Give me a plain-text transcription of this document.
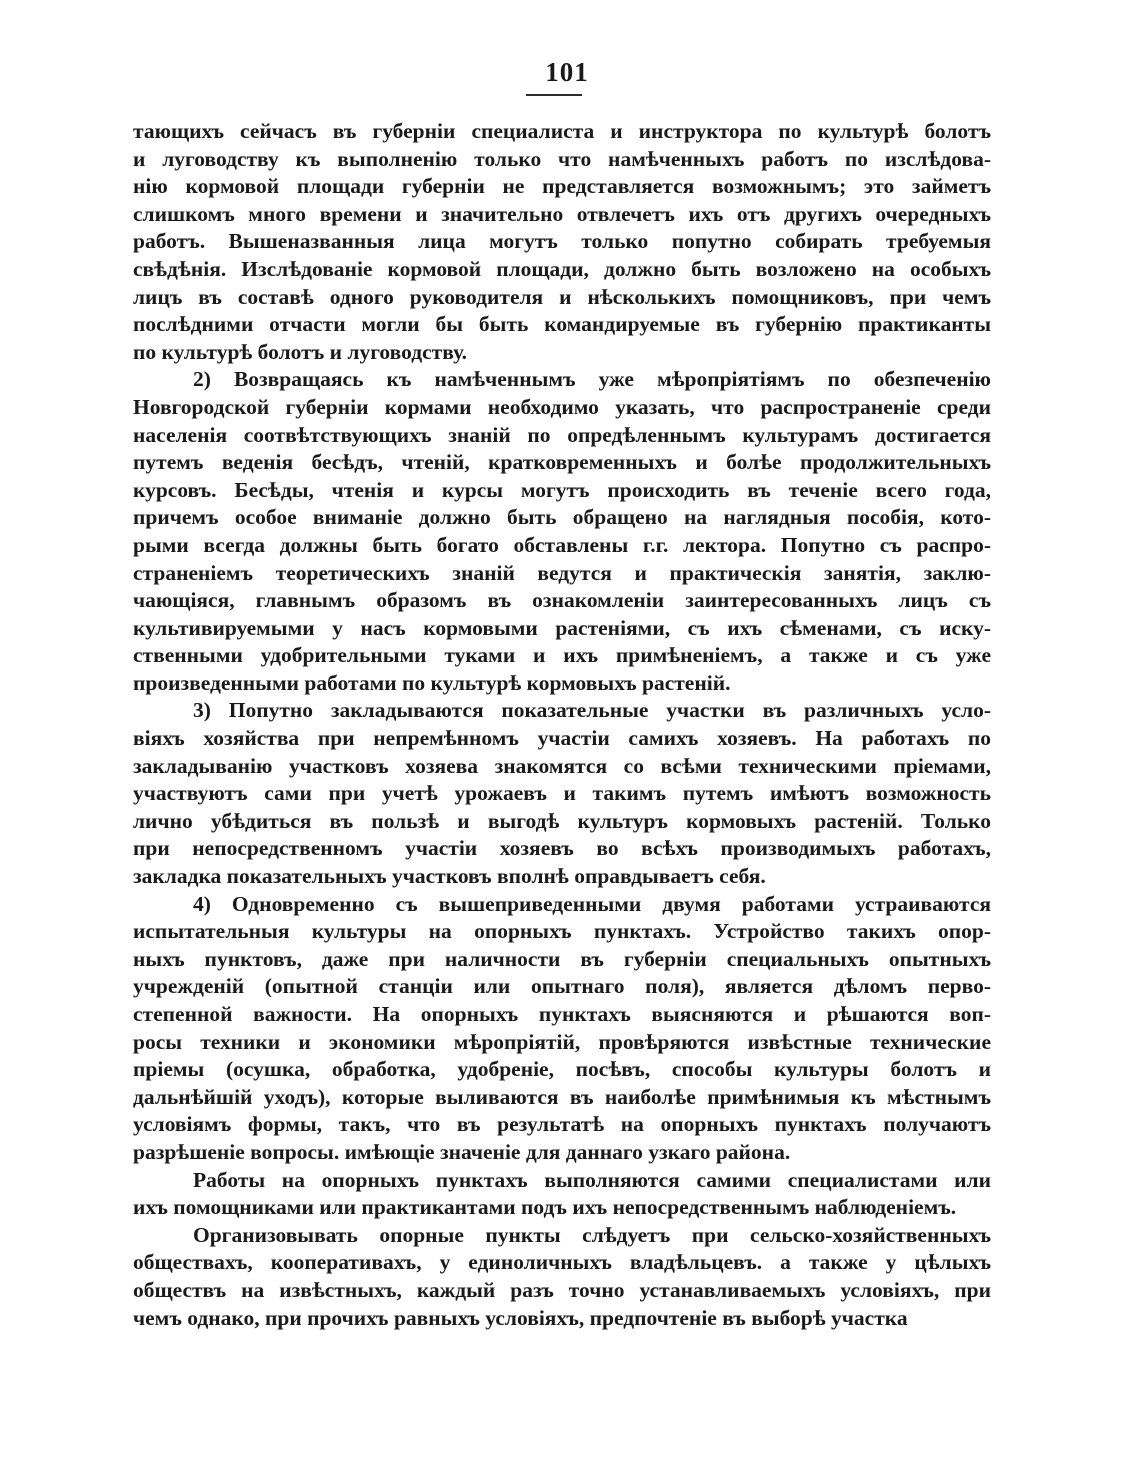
101
тающихъ сейчасъ въ губерніи специалиста и инструктора по культурѣ болотъ
и луговодству къ выполненію только что намѣченныхъ работъ по изслѣдова-
нію кормовой площади губерніи не представляется возможнымъ; это займетъ
слишкомъ много времени и значительно отвлечетъ ихъ отъ другихъ очередныхъ
работъ. Вышеназванныя лица могутъ только попутно собирать требуемыя
свѣдѣнія. Изслѣдованіе кормовой площади, должно быть возложено на особыхъ
лицъ въ составѣ одного руководителя и нѣсколькихъ помощниковъ, при чемъ
послѣдними отчасти могли бы быть командируемые въ губернію практиканты
по культурѣ болотъ и луговодству.
2) Возвращаясь къ намѣченнымъ уже мѣропріятіямъ по обезпеченію
Новгородской губерніи кормами необходимо указать, что распространеніе среди
населенія соотвѣтствующихъ знаній по опредѣленнымъ культурамъ достигается
путемъ веденія бесѣдъ, чтеній, кратковременныхъ и болѣе продолжительныхъ
курсовъ. Бесѣды, чтенія и курсы могутъ происходить въ теченіе всего года,
причемъ особое вниманіе должно быть обращено на наглядныя пособія, кото-
рыми всегда должны быть богато обставлены г.г. лектора. Попутно съ распро-
страненіемъ теоретическихъ знаній ведутся и практическія занятія, заклю-
чающіяся, главнымъ образомъ въ ознакомленіи заинтересованныхъ лицъ съ
культивируемыми у насъ кормовыми растеніями, съ ихъ сѣменами, съ иску-
ственными удобрительными туками и ихъ примѣненіемъ, а также и съ уже
произведенными работами по культурѣ кормовыхъ растеній.
3) Попутно закладываются показательные участки въ различныхъ усло-
віяхъ хозяйства при непремѣнномъ участіи самихъ хозяевъ. На работахъ по
закладыванію участковъ хозяева знакомятся со всѣми техническими пріемами,
участвуютъ сами при учетѣ урожаевъ и такимъ путемъ имѣютъ возможность
лично убѣдиться въ пользѣ и выгодѣ культуръ кормовыхъ растеній. Только
при непосредственномъ участіи хозяевъ во всѣхъ производимыхъ работахъ,
закладка показательныхъ участковъ вполнѣ оправдываетъ себя.
4) Одновременно съ вышеприведенными двумя работами устраиваются
испытательныя культуры на опорныхъ пунктахъ. Устройство такихъ опор-
ныхъ пунктовъ, даже при наличности въ губерніи специальныхъ опытныхъ
учрежденій (опытной станціи или опытнаго поля), является дѣломъ перво-
степенной важности. На опорныхъ пунктахъ выясняются и рѣшаются воп-
росы техники и экономики мѣропріятій, провѣряются извѣстные технические
пріемы (осушка, обработка, удобреніе, посѣвъ, способы культуры болотъ и
дальнѣйшій уходъ), которые выливаются въ наиболѣе примѣнимыя къ мѣстнымъ
условіямъ формы, такъ, что въ результатѣ на опорныхъ пунктахъ получаютъ
разрѣшеніе вопросы. имѣющіе значеніе для даннаго узкаго района.
Работы на опорныхъ пунктахъ выполняются самими специалистами или
ихъ помощниками или практикантами подъ ихъ непосредственнымъ наблюденіемъ.
Организовывать опорные пункты слѣдуетъ при сельско-хозяйственныхъ
обществахъ, кооперативахъ, у единоличныхъ владѣльцевъ. а также у цѣлыхъ
обществъ на извѣстныхъ, каждый разъ точно устанавливаемыхъ условіяхъ, при
чемъ однако, при прочихъ равныхъ условіяхъ, предпочтеніе въ выборѣ участка
